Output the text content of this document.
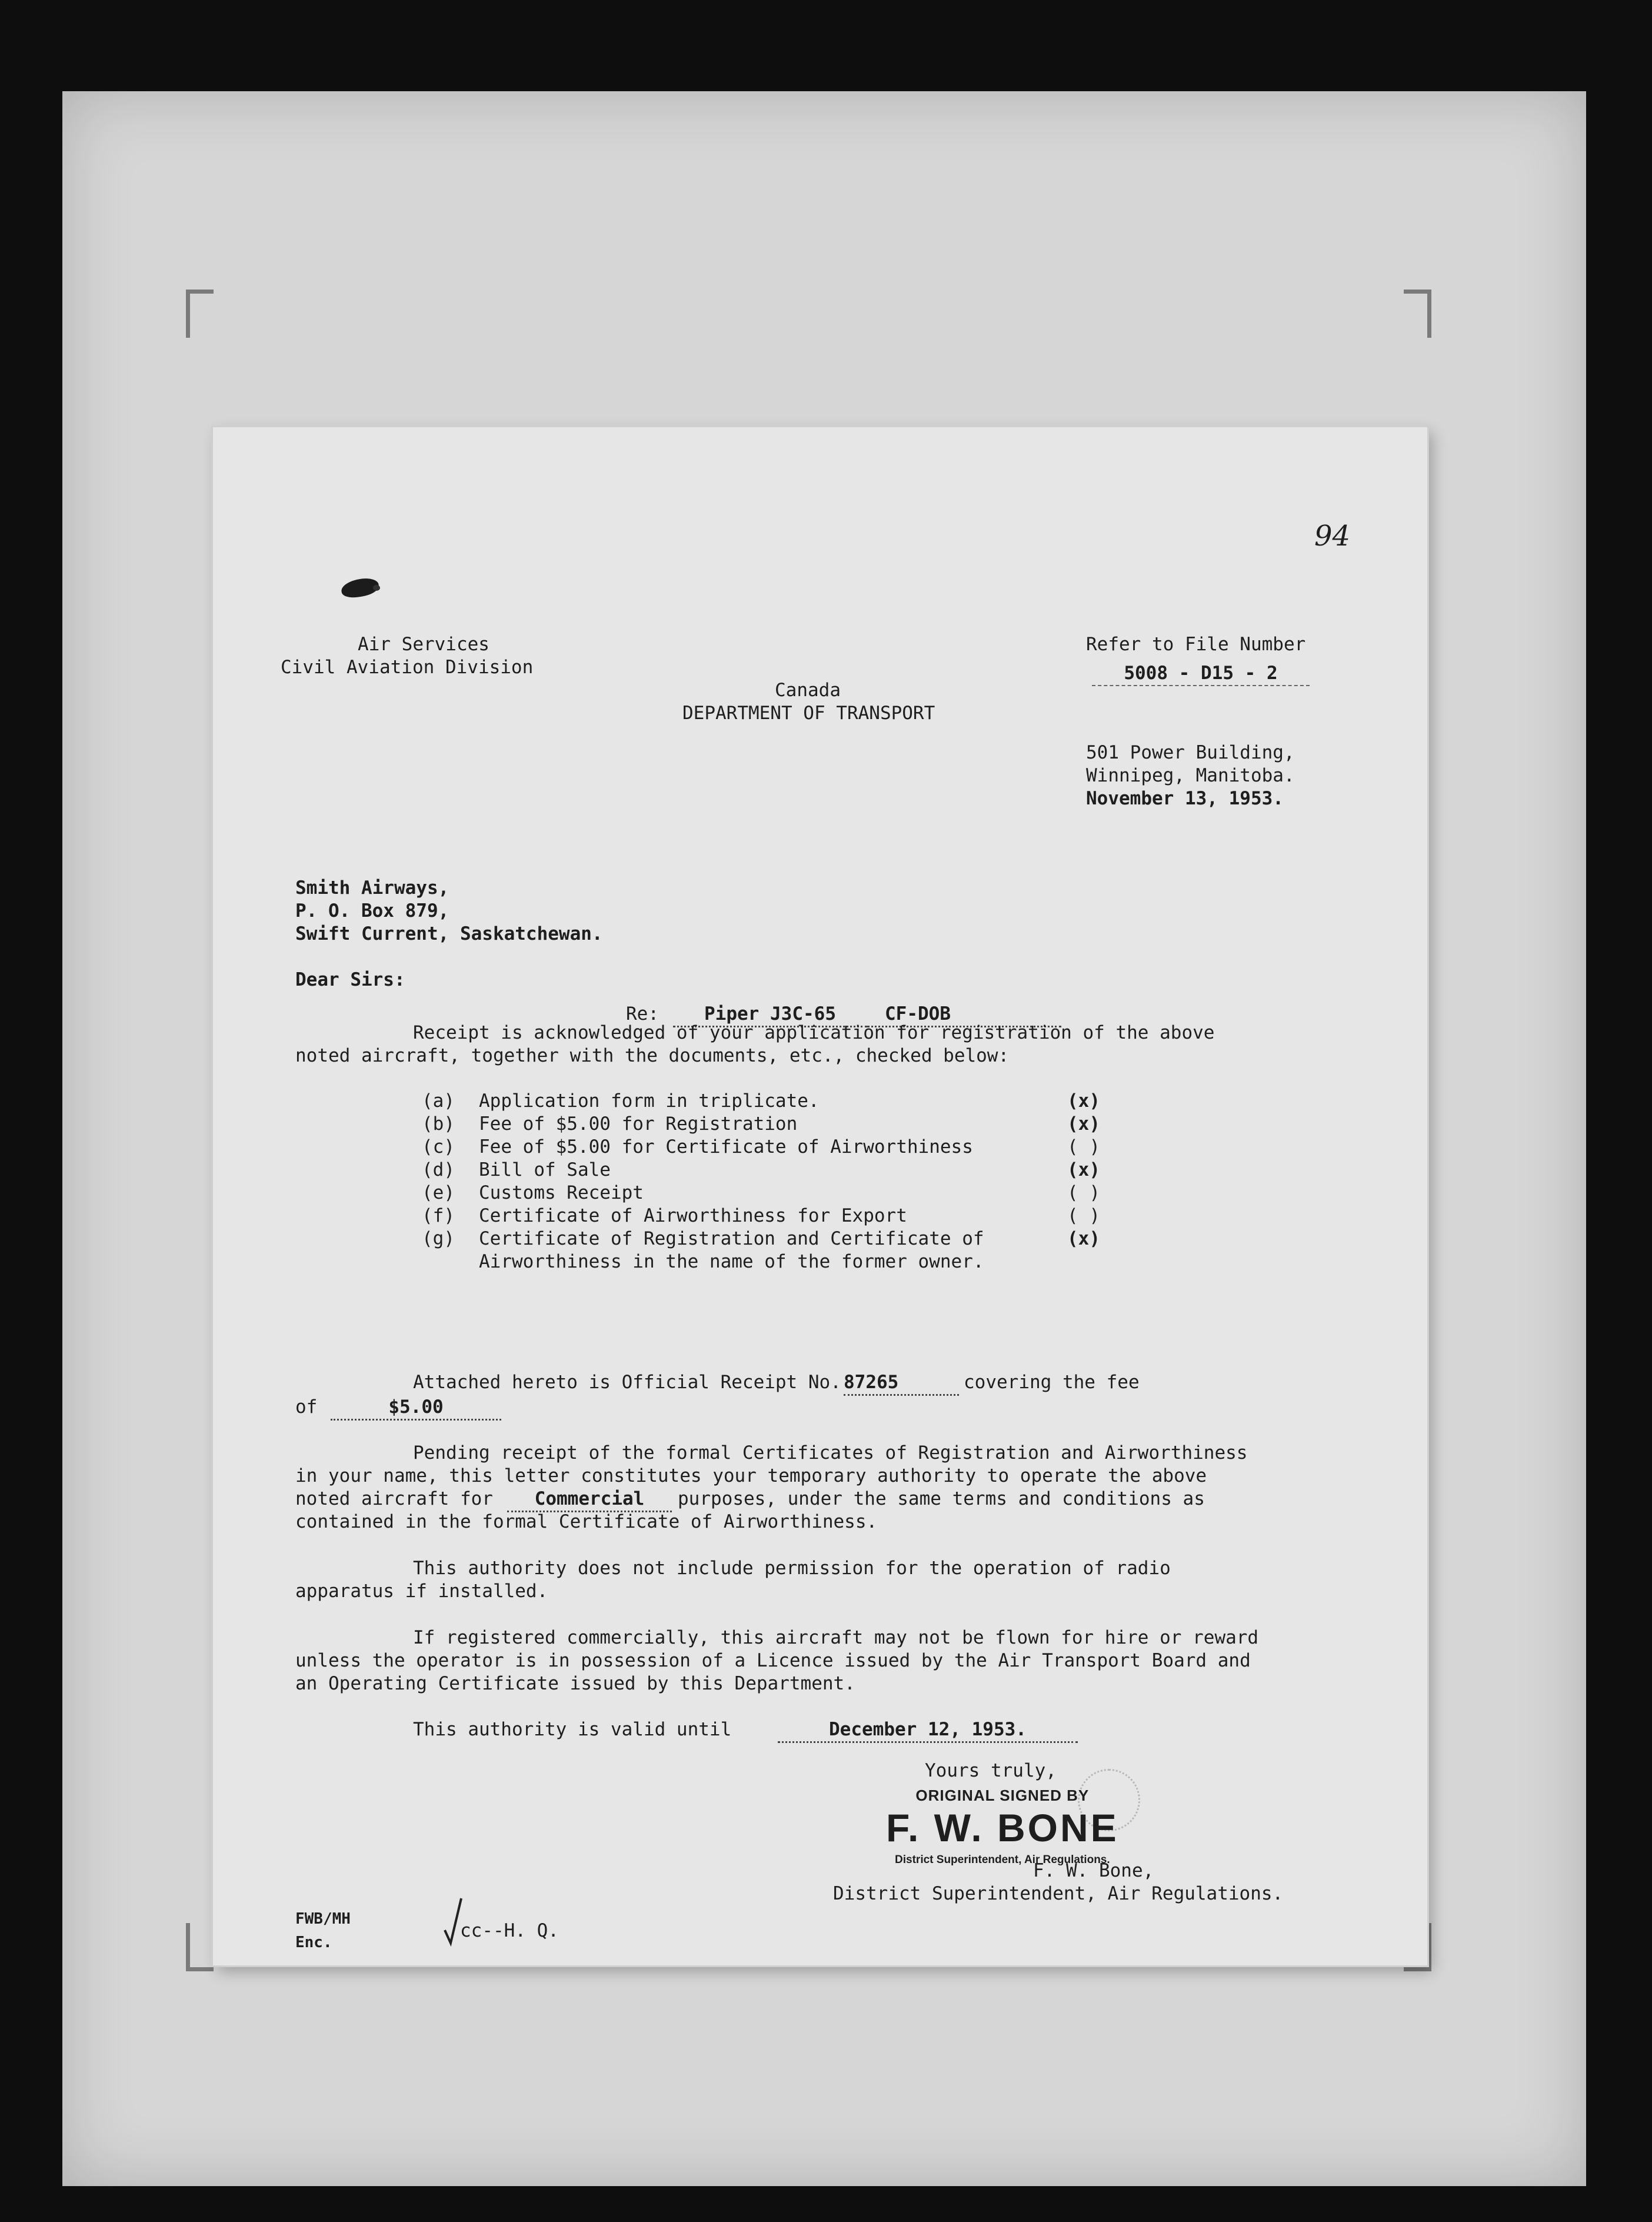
94
Air Services
Civil Aviation Division
Canada
DEPARTMENT OF TRANSPORT
Refer to File Number
5008 - D15 - 2
501 Power Building,
Winnipeg, Manitoba.
November 13, 1953.
Smith Airways,
P. O. Box 879,
Swift Current, Saskatchewan.
Dear Sirs:
Re:	Piper J3C-65	CF-DOB
Receipt is acknowledged of your application for registration of the above
noted aircraft, together with the documents, etc., checked below:
(a) Application form in triplicate.	(x)
(b) Fee of $5.00 for Registration	(x)
(c) Fee of $5.00 for Certificate of Airworthiness	( )
(d) Bill of Sale	(x)
(e) Customs Receipt	( )
(f) Certificate of Airworthiness for Export	( )
(g) Certificate of Registration and Certificate of	(x)
Airworthiness in the name of the former owner.
Attached hereto is Official Receipt No. 87265	covering the fee
of	$5.00
Pending receipt of the formal Certificates of Registration and Airworthiness
in your name, this letter constitutes your temporary authority to operate the above
noted aircraft for	Commercial	purposes, under the same terms and conditions as
contained in the formal Certificate of Airworthiness.
This authority does not include permission for the operation of radio
apparatus if installed.
If registered commercially, this aircraft may not be flown for hire or reward
unless the operator is in possession of a Licence issued by the Air Transport Board and
an Operating Certificate issued by this Department.
This authority is valid until	December 12, 1953.
Yours truly,
ORIGINAL SIGNED BY
F. W. BONE
District Superintendent, Air Regulations.
F. W. Bone,
District Superintendent, Air Regulations.
FWB/MH
Enc.
cc--H. Q.
